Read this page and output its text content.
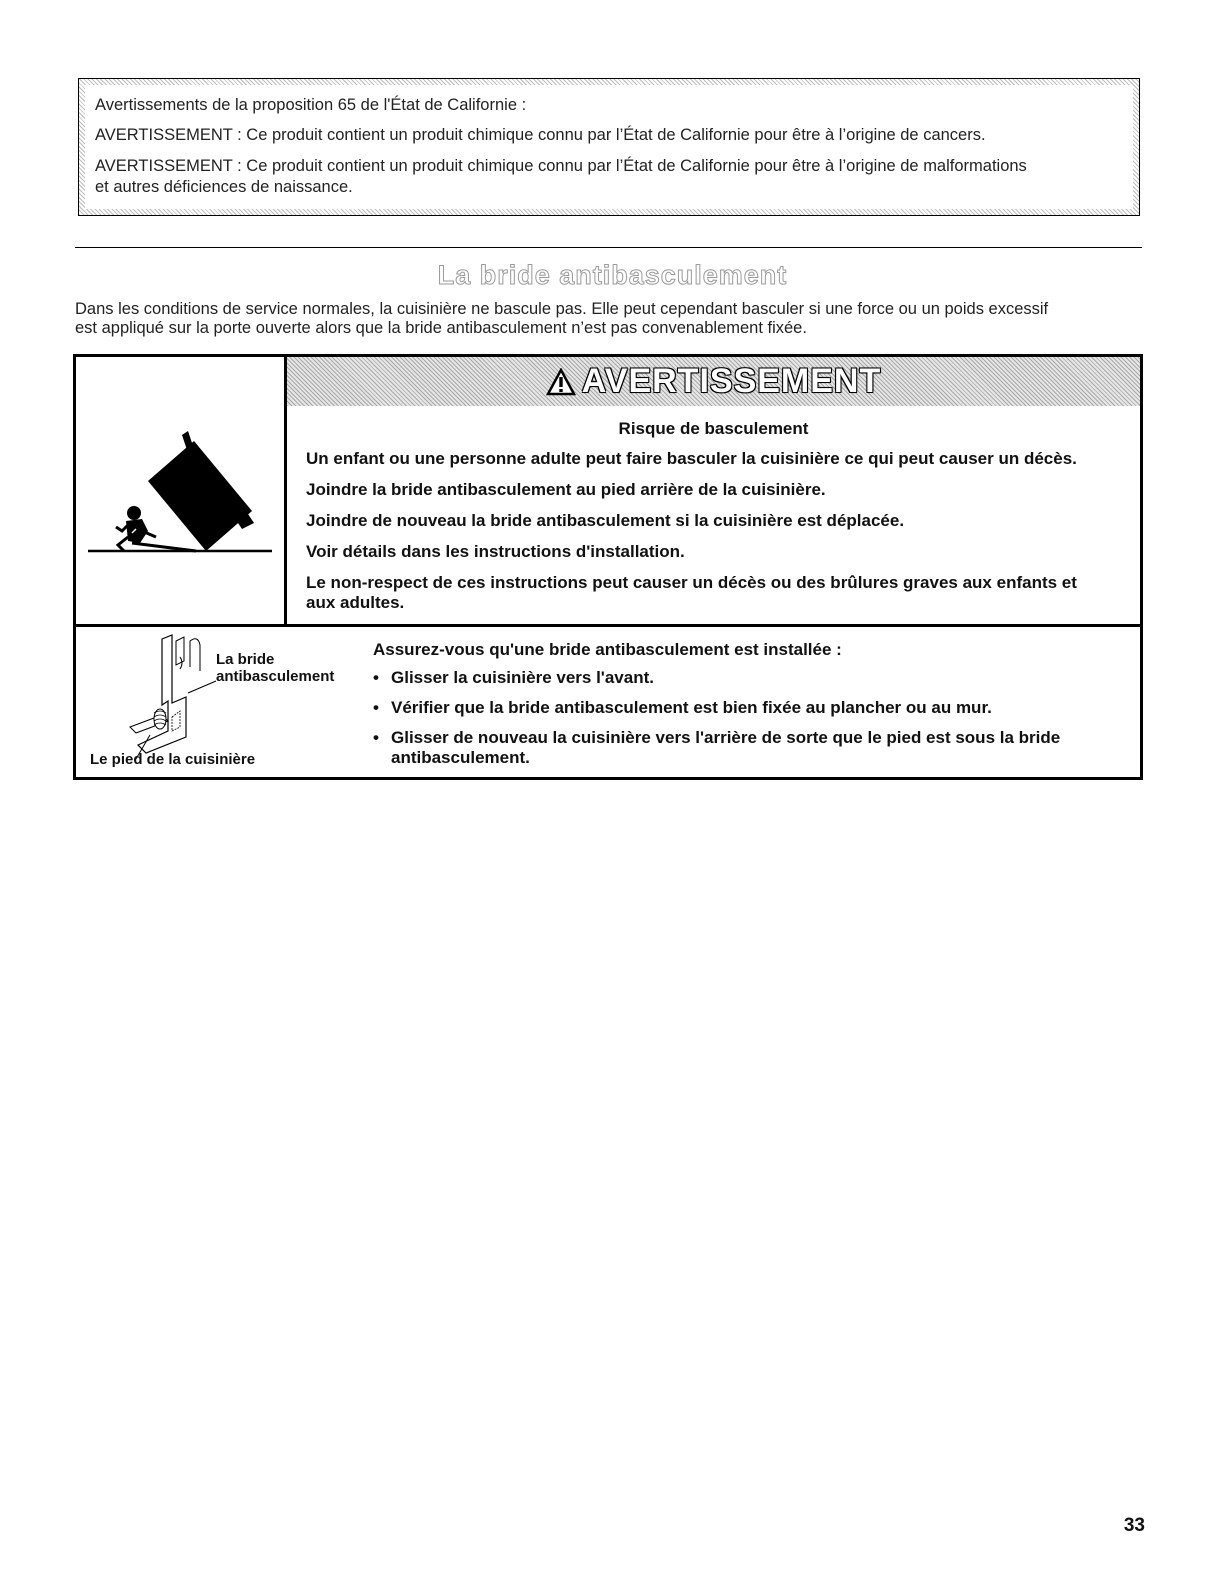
Avertissements de la proposition 65 de l'État de Californie :

AVERTISSEMENT : Ce produit contient un produit chimique connu par l’État de Californie pour être à l’origine de cancers.

AVERTISSEMENT : Ce produit contient un produit chimique connu par l’État de Californie pour être à l’origine de malformations

et autres déficiences de naissance.

La bride antibasculement

Dans les conditions de service normales, la cuisinière ne bascule pas. Elle peut cependant basculer si une force ou un poids excessif
est appliqué sur la porte ouverte alors que la bride antibasculement n’est pas convenablement fixée.

AVERTISSEMENT

Risque de basculement

Un enfant ou une personne adulte peut faire basculer la cuisinière ce qui peut causer un décès.

Joindre la bride antibasculement au pied arrière de la cuisinière.

Joindre de nouveau la bride antibasculement si la cuisinière est déplacée.

Voir détails dans les instructions d'installation.

Le non-respect de ces instructions peut causer un décès ou des brûlures graves aux enfants et

aux adultes.

La bride

antibasculement

Le pied de la cuisinière

Assurez-vous qu'une bride antibasculement est installée :

• Glisser la cuisinière vers l'avant.
• Vérifier que la bride antibasculement est bien fixée au plancher ou au mur.
• Glisser de nouveau la cuisinière vers l'arrière de sorte que le pied est sous la bride antibasculement.
33
